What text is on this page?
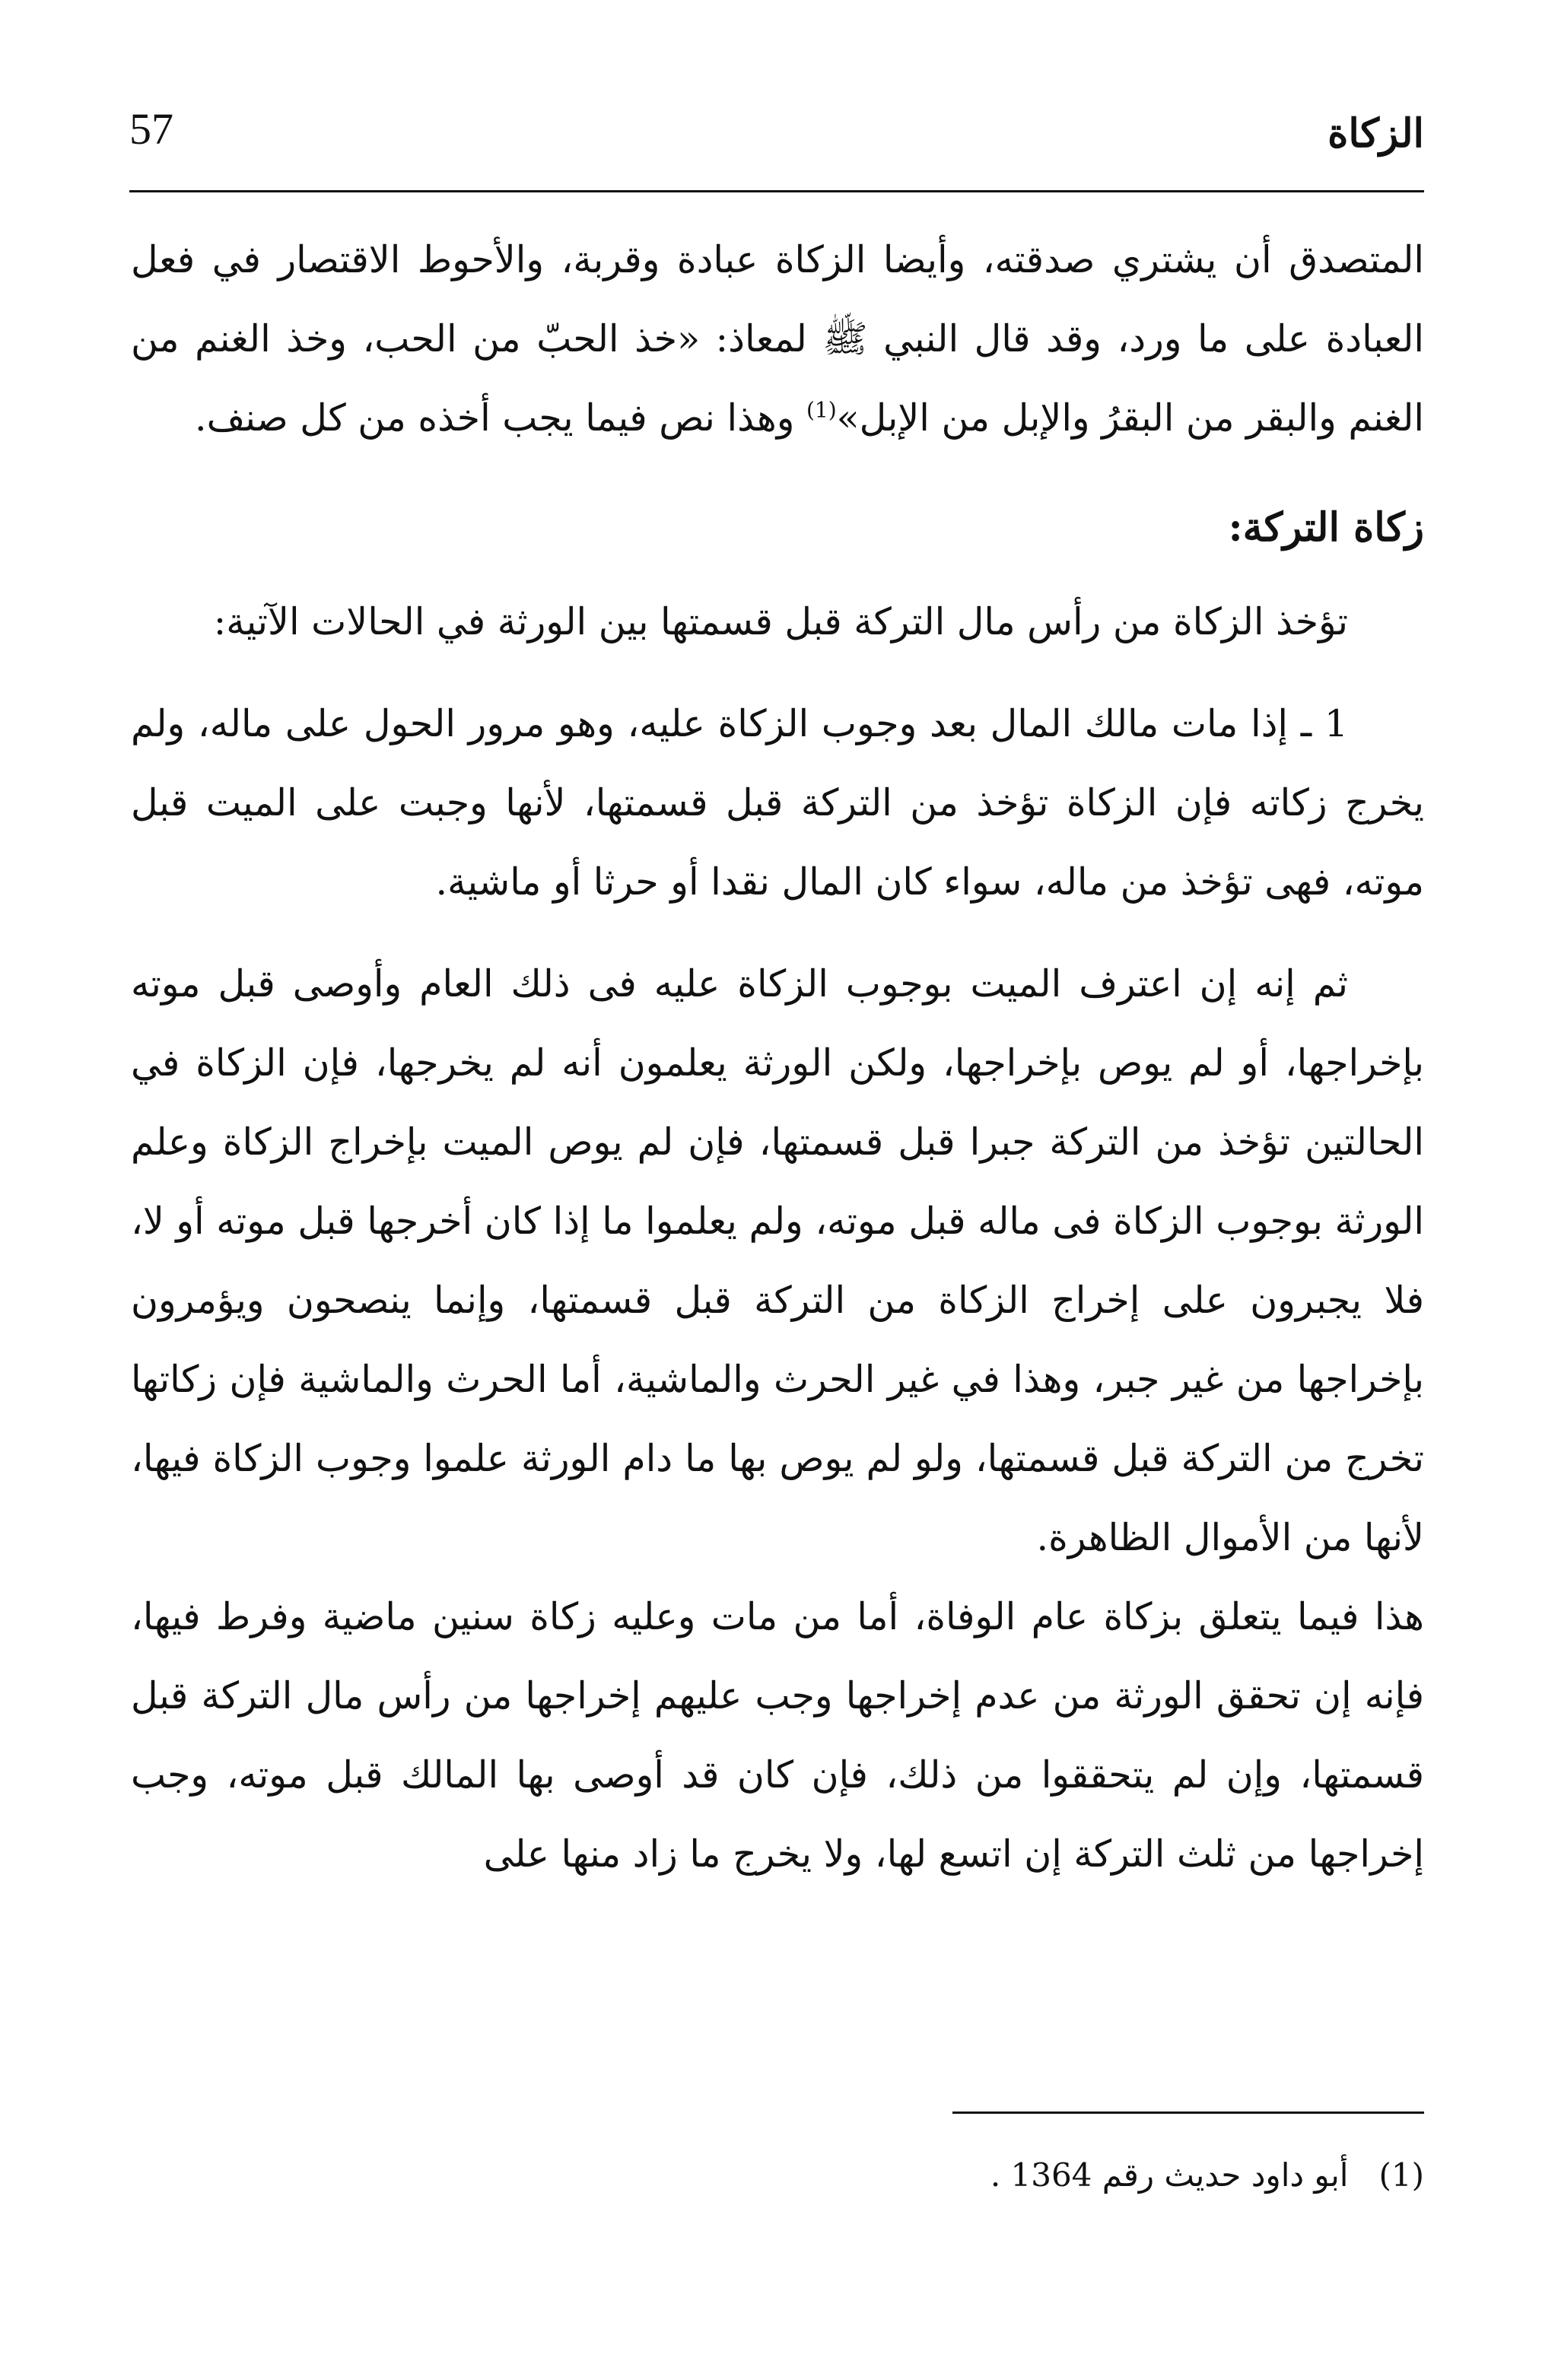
57	الزكاة

المتصدق أن يشتري صدقته، وأيضا الزكاة عبادة وقربة، والأحوط الاقتصار في فعل العبادة على ما ورد، وقد قال النبي ﷺ لمعاذ: «خذ الحبّ من الحب، وخذ الغنم من الغنم والبقر من البقرُ والإبل من الإبل»$^{(1)}$ وهذا نص فيما يجب أخذه من كل صنف.

زكاة التركة:

تؤخذ الزكاة من رأس مال التركة قبل قسمتها بين الورثة في الحالات الآتية:

1 ـ إذا مات مالك المال بعد وجوب الزكاة عليه، وهو مرور الحول على ماله، ولم يخرج زكاته فإن الزكاة تؤخذ من التركة قبل قسمتها، لأنها وجبت على الميت قبل موته، فهى تؤخذ من ماله، سواء كان المال نقدا أو حرثا أو ماشية.

ثم إنه إن اعترف الميت بوجوب الزكاة عليه فى ذلك العام وأوصى قبل موته بإخراجها، أو لم يوص بإخراجها، ولكن الورثة يعلمون أنه لم يخرجها، فإن الزكاة في الحالتين تؤخذ من التركة جبرا قبل قسمتها، فإن لم يوص الميت بإخراج الزكاة وعلم الورثة بوجوب الزكاة فى ماله قبل موته، ولم يعلموا ما إذا كان أخرجها قبل موته أو لا، فلا يجبرون على إخراج الزكاة من التركة قبل قسمتها، وإنما ينصحون ويؤمرون بإخراجها من غير جبر، وهذا في غير الحرث والماشية، أما الحرث والماشية فإن زكاتها تخرج من التركة قبل قسمتها، ولو لم يوص بها ما دام الورثة علموا وجوب الزكاة فيها، لأنها من الأموال الظاهرة.

هذا فيما يتعلق بزكاة عام الوفاة، أما من مات وعليه زكاة سنين ماضية وفرط فيها، فإنه إن تحقق الورثة من عدم إخراجها وجب عليهم إخراجها من رأس مال التركة قبل قسمتها، وإن لم يتحققوا من ذلك، فإن كان قد أوصى بها المالك قبل موته، وجب إخراجها من ثلث التركة إن اتسع لها، ولا يخرج ما زاد منها على

(1)أبو داود حديث رقم 1364 .
